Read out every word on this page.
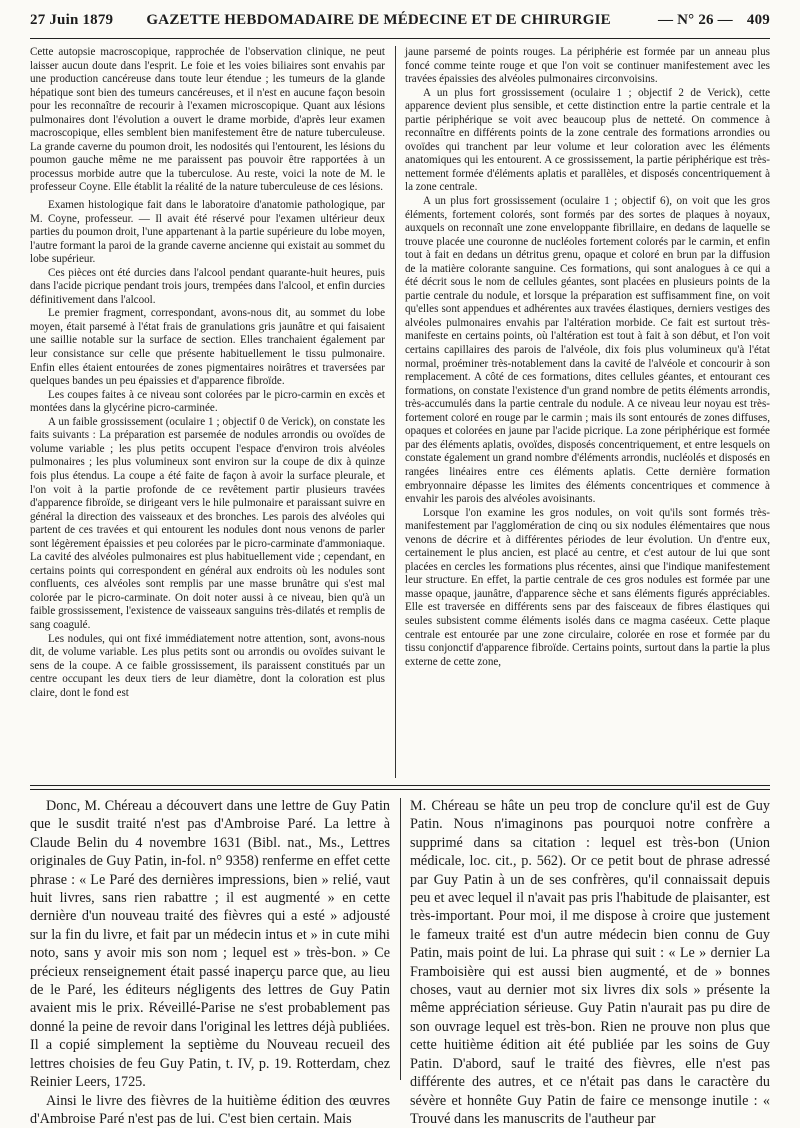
27 Juin 1879 GAZETTE HEBDOMADAIRE DE MÉDECINE ET DE CHIRURGIE	— N° 26 — 409

Cette autopsie macroscopique, rapprochée de l'observation clinique, ne peut laisser aucun doute dans l'esprit. Le foie et les voies biliaires sont envahis par une production cancéreuse dans toute leur étendue ; les tumeurs de la glande hépatique sont bien des tumeurs cancéreuses, et il n'est en aucune façon besoin pour les reconnaître de recourir à l'examen microscopique. Quant aux lésions pulmonaires dont l'évolution a ouvert le drame morbide, d'après leur examen macroscopique, elles semblent bien manifestement être de nature tuberculeuse. La grande caverne du poumon droit, les nodosités qui l'entourent, les lésions du poumon gauche même ne me paraissent pas pouvoir être rapportées à un processus morbide autre que la tuberculose. Au reste, voici la note de M. le professeur Coyne. Elle établit la réalité de la nature tuberculeuse de ces lésions.

Examen histologique fait dans le laboratoire d'anatomie pathologique, par M. Coyne, professeur. — Il avait été réservé pour l'examen ultérieur deux parties du poumon droit, l'une appartenant à la partie supérieure du lobe moyen, l'autre formant la paroi de la grande caverne ancienne qui existait au sommet du lobe supérieur.

Ces pièces ont été durcies dans l'alcool pendant quarante-huit heures, puis dans l'acide picrique pendant trois jours, trempées dans l'alcool, et enfin durcies définitivement dans l'alcool.

Le premier fragment, correspondant, avons-nous dit, au sommet du lobe moyen, était parsemé à l'état frais de granulations gris jaunâtre et qui faisaient une saillie notable sur la surface de section. Elles tranchaient également par leur consistance sur celle que présente habituellement le tissu pulmonaire. Enfin elles étaient entourées de zones pigmentaires noirâtres et traversées par quelques bandes un peu épaissies et d'apparence fibroïde.

Les coupes faites à ce niveau sont colorées par le picro-carmin en excès et montées dans la glycérine picro-carminée.

A un faible grossissement (oculaire 1 ; objectif 0 de Verick), on constate les faits suivants : La préparation est parsemée de nodules arrondis ou ovoïdes de volume variable ; les plus petits occupent l'espace d'environ trois alvéoles pulmonaires ; les plus volumineux sont environ sur la coupe de dix à quinze fois plus étendus. La coupe a été faite de façon à avoir la surface pleurale, et l'on voit à la partie profonde de ce revêtement partir plusieurs travées d'apparence fibroïde, se dirigeant vers le hile pulmonaire et paraissant suivre en général la direction des vaisseaux et des bronches. Les parois des alvéoles qui partent de ces travées et qui entourent les nodules dont nous venons de parler sont légèrement épaissies et peu colorées par le picro-carminate d'ammoniaque. La cavité des alvéoles pulmonaires est plus habituellement vide ; cependant, en certains points qui correspondent en général aux endroits où les nodules sont confluents, ces alvéoles sont remplis par une masse brunâtre qui s'est mal colorée par le picro-carminate. On doit noter aussi à ce niveau, bien qu'à un faible grossissement, l'existence de vaisseaux sanguins très-dilatés et remplis de sang coagulé.

Les nodules, qui ont fixé immédiatement notre attention, sont, avons-nous dit, de volume variable. Les plus petits sont ou arrondis ou ovoïdes suivant le sens de la coupe. A ce faible grossissement, ils paraissent constitués par un centre occupant les deux tiers de leur diamètre, dont la coloration est plus claire, dont le fond est

jaune parsemé de points rouges. La périphérie est formée par un anneau plus foncé comme teinte rouge et que l'on voit se continuer manifestement avec les travées épaissies des alvéoles pulmonaires circonvoisins.

A un plus fort grossissement (oculaire 1 ; objectif 2 de Verick), cette apparence devient plus sensible, et cette distinction entre la partie centrale et la partie périphérique se voit avec beaucoup plus de netteté. On commence à reconnaître en différents points de la zone centrale des formations arrondies ou ovoïdes qui tranchent par leur volume et leur coloration avec les éléments anatomiques qui les entourent. A ce grossissement, la partie périphérique est très-nettement formée d'éléments aplatis et parallèles, et disposés concentriquement à la zone centrale.

A un plus fort grossissement (oculaire 1 ; objectif 6), on voit que les gros éléments, fortement colorés, sont formés par des sortes de plaques à noyaux, auxquels on reconnaît une zone enveloppante fibrillaire, en dedans de laquelle se trouve placée une couronne de nucléoles fortement colorés par le carmin, et enfin tout à fait en dedans un détritus grenu, opaque et coloré en brun par la diffusion de la matière colorante sanguine. Ces formations, qui sont analogues à ce qui a été décrit sous le nom de cellules géantes, sont placées en plusieurs points de la partie centrale du nodule, et lorsque la préparation est suffisamment fine, on voit qu'elles sont appendues et adhérentes aux travées élastiques, derniers vestiges des alvéoles pulmonaires envahis par l'altération morbide. Ce fait est surtout très-manifeste en certains points, où l'altération est tout à fait à son début, et l'on voit certains capillaires des parois de l'alvéole, dix fois plus volumineux qu'à l'état normal, proéminer très-notablement dans la cavité de l'alvéole et concourir à son remplacement. A côté de ces formations, dites cellules géantes, et entourant ces formations, on constate l'existence d'un grand nombre de petits éléments arrondis, très-accumulés dans la partie centrale du nodule. A ce niveau leur noyau est très-fortement coloré en rouge par le carmin ; mais ils sont entourés de zones diffuses, opaques et colorées en jaune par l'acide picrique. La zone périphérique est formée par des éléments aplatis, ovoïdes, disposés concentriquement, et entre lesquels on constate également un grand nombre d'éléments arrondis, nucléolés et disposés en rangées linéaires entre ces éléments aplatis. Cette dernière formation embryonnaire dépasse les limites des éléments concentriques et commence à envahir les parois des alvéoles avoisinants.

Lorsque l'on examine les gros nodules, on voit qu'ils sont formés très-manifestement par l'agglomération de cinq ou six nodules élémentaires que nous venons de décrire et à différentes périodes de leur évolution. Un d'entre eux, certainement le plus ancien, est placé au centre, et c'est autour de lui que sont placées en cercles les formations plus récentes, ainsi que l'indique manifestement leur structure. En effet, la partie centrale de ces gros nodules est formée par une masse opaque, jaunâtre, d'apparence sèche et sans éléments figurés appréciables. Elle est traversée en différents sens par des faisceaux de fibres élastiques qui seules subsistent comme éléments isolés dans ce magma caséeux. Cette plaque centrale est entourée par une zone circulaire, colorée en rose et formée par du tissu conjonctif d'apparence fibroïde. Certains points, surtout dans la partie la plus externe de cette zone,

Donc, M. Chéreau a découvert dans une lettre de Guy Patin que le susdit traité n'est pas d'Ambroise Paré. La lettre à Claude Belin du 4 novembre 1631 (Bibl. nat., Ms., Lettres originales de Guy Patin, in-fol. n° 9358) renferme en effet cette phrase : « Le Paré des dernières impressions, bien » relié, vaut huit livres, sans rien rabattre ; il est augmenté » en cette dernière d'un nouveau traité des fièvres qui a esté » adjousté sur la fin du livre, et fait par un médecin intus et » in cute mihi noto, sans y avoir mis son nom ; lequel est » très-bon. » Ce précieux renseignement était passé inaperçu parce que, au lieu de le Paré, les éditeurs négligents des lettres de Guy Patin avaient mis le prix. Réveillé-Parise ne s'est probablement pas donné la peine de revoir dans l'original les lettres déjà publiées. Il a copié simplement la septième du Nouveau recueil des lettres choisies de feu Guy Patin, t. IV, p. 19. Rotterdam, chez Reinier Leers, 1725.

Ainsi le livre des fièvres de la huitième édition des œuvres d'Ambroise Paré n'est pas de lui. C'est bien certain. Mais

M. Chéreau se hâte un peu trop de conclure qu'il est de Guy Patin. Nous n'imaginons pas pourquoi notre confrère a supprimé dans sa citation : lequel est très-bon (Union médicale, loc. cit., p. 562). Or ce petit bout de phrase adressé par Guy Patin à un de ses confrères, qu'il connaissait depuis peu et avec lequel il n'avait pas pris l'habitude de plaisanter, est très-important. Pour moi, il me dispose à croire que justement le fameux traité est d'un autre médecin bien connu de Guy Patin, mais point de lui. La phrase qui suit : « Le » dernier La Framboisière qui est aussi bien augmenté, et de » bonnes choses, vaut au dernier mot six livres dix sols » présente la même appréciation sérieuse. Guy Patin n'aurait pas pu dire de son ouvrage lequel est très-bon. Rien ne prouve non plus que cette huitième édition ait été publiée par les soins de Guy Patin. D'abord, sauf le traité des fièvres, elle n'est pas différente des autres, et ce n'était pas dans le caractère du sévère et honnête Guy Patin de faire ce mensonge inutile : « Trouvé dans les manuscrits de l'autheur par
